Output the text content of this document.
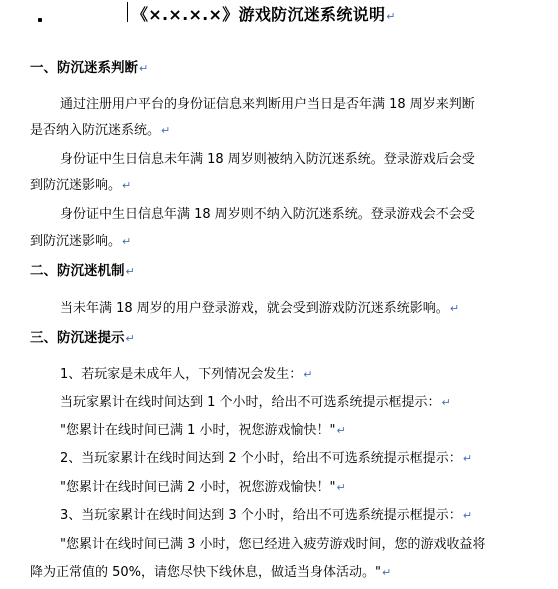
《×.×.×.×》游戏防沉迷系统说明↵
一、防沉迷系判断↵
通过注册用户平台的身份证信息来判断用户当日是否年满 18 周岁来判断
是否纳入防沉迷系统。↵
身份证中生日信息未年满 18 周岁则被纳入防沉迷系统。登录游戏后会受
到防沉迷影响。↵
身份证中生日信息年满 18 周岁则不纳入防沉迷系统。登录游戏会不会受
到防沉迷影响。↵
二、防沉迷机制↵
当未年满 18 周岁的用户登录游戏，就会受到游戏防沉迷系统影响。↵
三、防沉迷提示↵
1、若玩家是未成年人，下列情况会发生：↵
当玩家累计在线时间达到 1 个小时，给出不可选系统提示框提示：↵
"您累计在线时间已满 1 小时，祝您游戏愉快！"↵
2、当玩家累计在线时间达到 2 个小时，给出不可选系统提示框提示：↵
"您累计在线时间已满 2 小时，祝您游戏愉快！"↵
3、当玩家累计在线时间达到 3 个小时，给出不可选系统提示框提示：↵
"您累计在线时间已满 3 小时，您已经进入疲劳游戏时间，您的游戏收益将
降为正常值的 50%，请您尽快下线休息，做适当身体活动。"↵
